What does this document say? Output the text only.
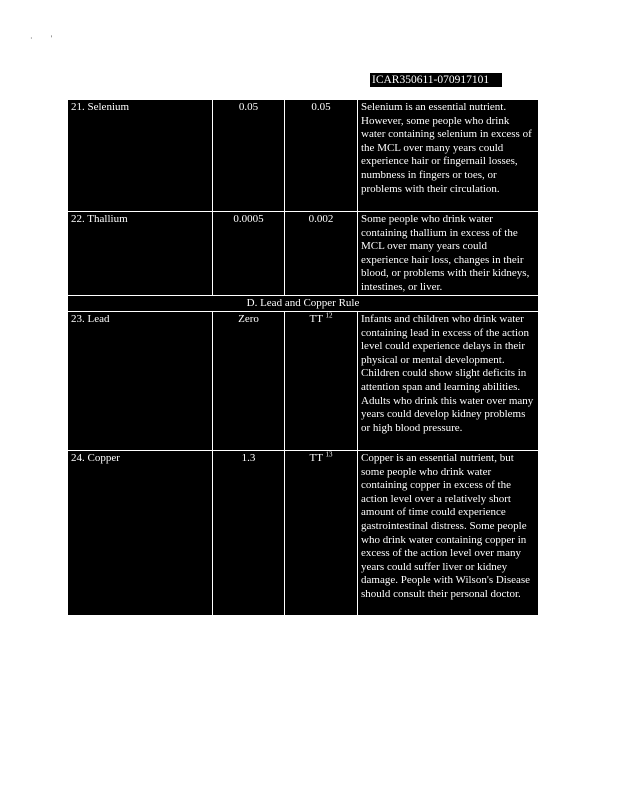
·         '
ICAR350611-070917101
21. Selenium	0.05	0.05	Selenium is an essential nutrient. However, some people who drink water containing selenium in excess of the MCL over many years could experience hair or fingernail losses, numbness in fingers or toes, or problems with their circulation.
22. Thallium	0.0005	0.002	Some people who drink water containing thallium in excess of the MCL over many years could experience hair loss, changes in their blood, or problems with their kidneys, intestines, or liver.
D. Lead and Copper Rule			
23. Lead	Zero	TT $^{12}$	Infants and children who drink water containing lead in excess of the action level could experience delays in their physical or mental development. Children could show slight deficits in attention span and learning abilities. Adults who drink this water over many years could develop kidney problems or high blood pressure.
24. Copper	1.3	TT $^{13}$	Copper is an essential nutrient, but some people who drink water containing copper in excess of the action level over a relatively short amount of time could experience gastrointestinal distress. Some people who drink water containing copper in excess of the action level over many years could suffer liver or kidney damage. People with Wilson's Disease should consult their personal doctor.
